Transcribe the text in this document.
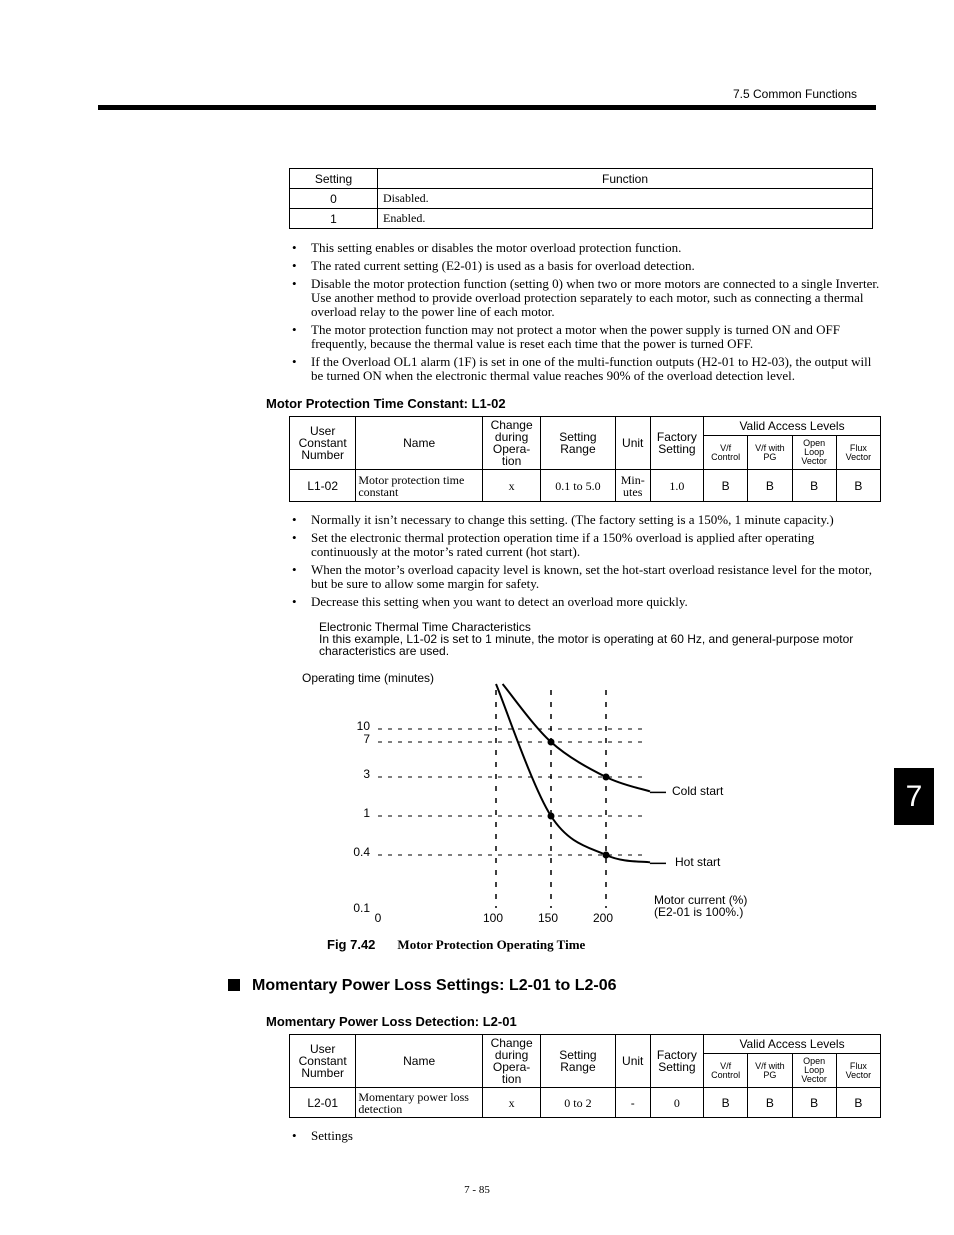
7.5 Common Functions
7
Setting	Function
0	Disabled.
1	Enabled.
• This setting enables or disables the motor overload protection function.
• The rated current setting (E2-01) is used as a basis for overload detection.
• Disable the motor protection function (setting 0) when two or more motors are connected to a single Inverter. Use another method to provide overload protection separately to each motor, such as connecting a thermal overload relay to the power line of each motor.
• The motor protection function may not protect a motor when the power supply is turned ON and OFF frequently, because the thermal value is reset each time that the power is turned OFF.
• If the Overload OL1 alarm (1F) is set in one of the multi-function outputs (H2-01 to H2-03), the output will be turned ON when the electronic thermal value reaches 90% of the overload detection level.
Motor Protection Time Constant: L1-02
User Constant Number	Name	Change during Opera- tion	Setting Range	Unit	Factory Setting	Valid Access Levels			
						V/f Control	V/f with PG	Open Loop Vector	Flux Vector
L1-02	Motor protection time constant	x	0.1 to 5.0	Min- utes	1.0	B	B	B	B
• Normally it isn’t necessary to change this setting. (The factory setting is a 150%, 1 minute capacity.)
• Set the electronic thermal protection operation time if a 150% overload is applied after operating continuously at the motor’s rated current (hot start).
• When the motor’s overload capacity level is known, set the hot-start overload resistance level for the motor, but be sure to allow some margin for safety.
• Decrease this setting when you want to detect an overload more quickly.
Electronic Thermal Time Characteristics
In this example, L1-02 is set to 1 minute, the motor is operating at 60 Hz, and general-purpose motor characteristics are used.
Operating time (minutes)
0	100	150	200
0.1
0.4
1
3
7
10
Cold start
Hot start
Motor current (%)
(E2-01 is 100%.)
Fig 7.42 Motor Protection Operating Time
Momentary Power Loss Settings: L2-01 to L2-06
Momentary Power Loss Detection: L2-01
User Constant Number	Name	Change during Opera- tion	Setting Range	Unit	Factory Setting	Valid Access Levels			
						V/f Control	V/f with PG	Open Loop Vector	Flux Vector
L2-01	Momentary power loss detection	x	0 to 2	-	0	B	B	B	B
• Settings
7 - 85
